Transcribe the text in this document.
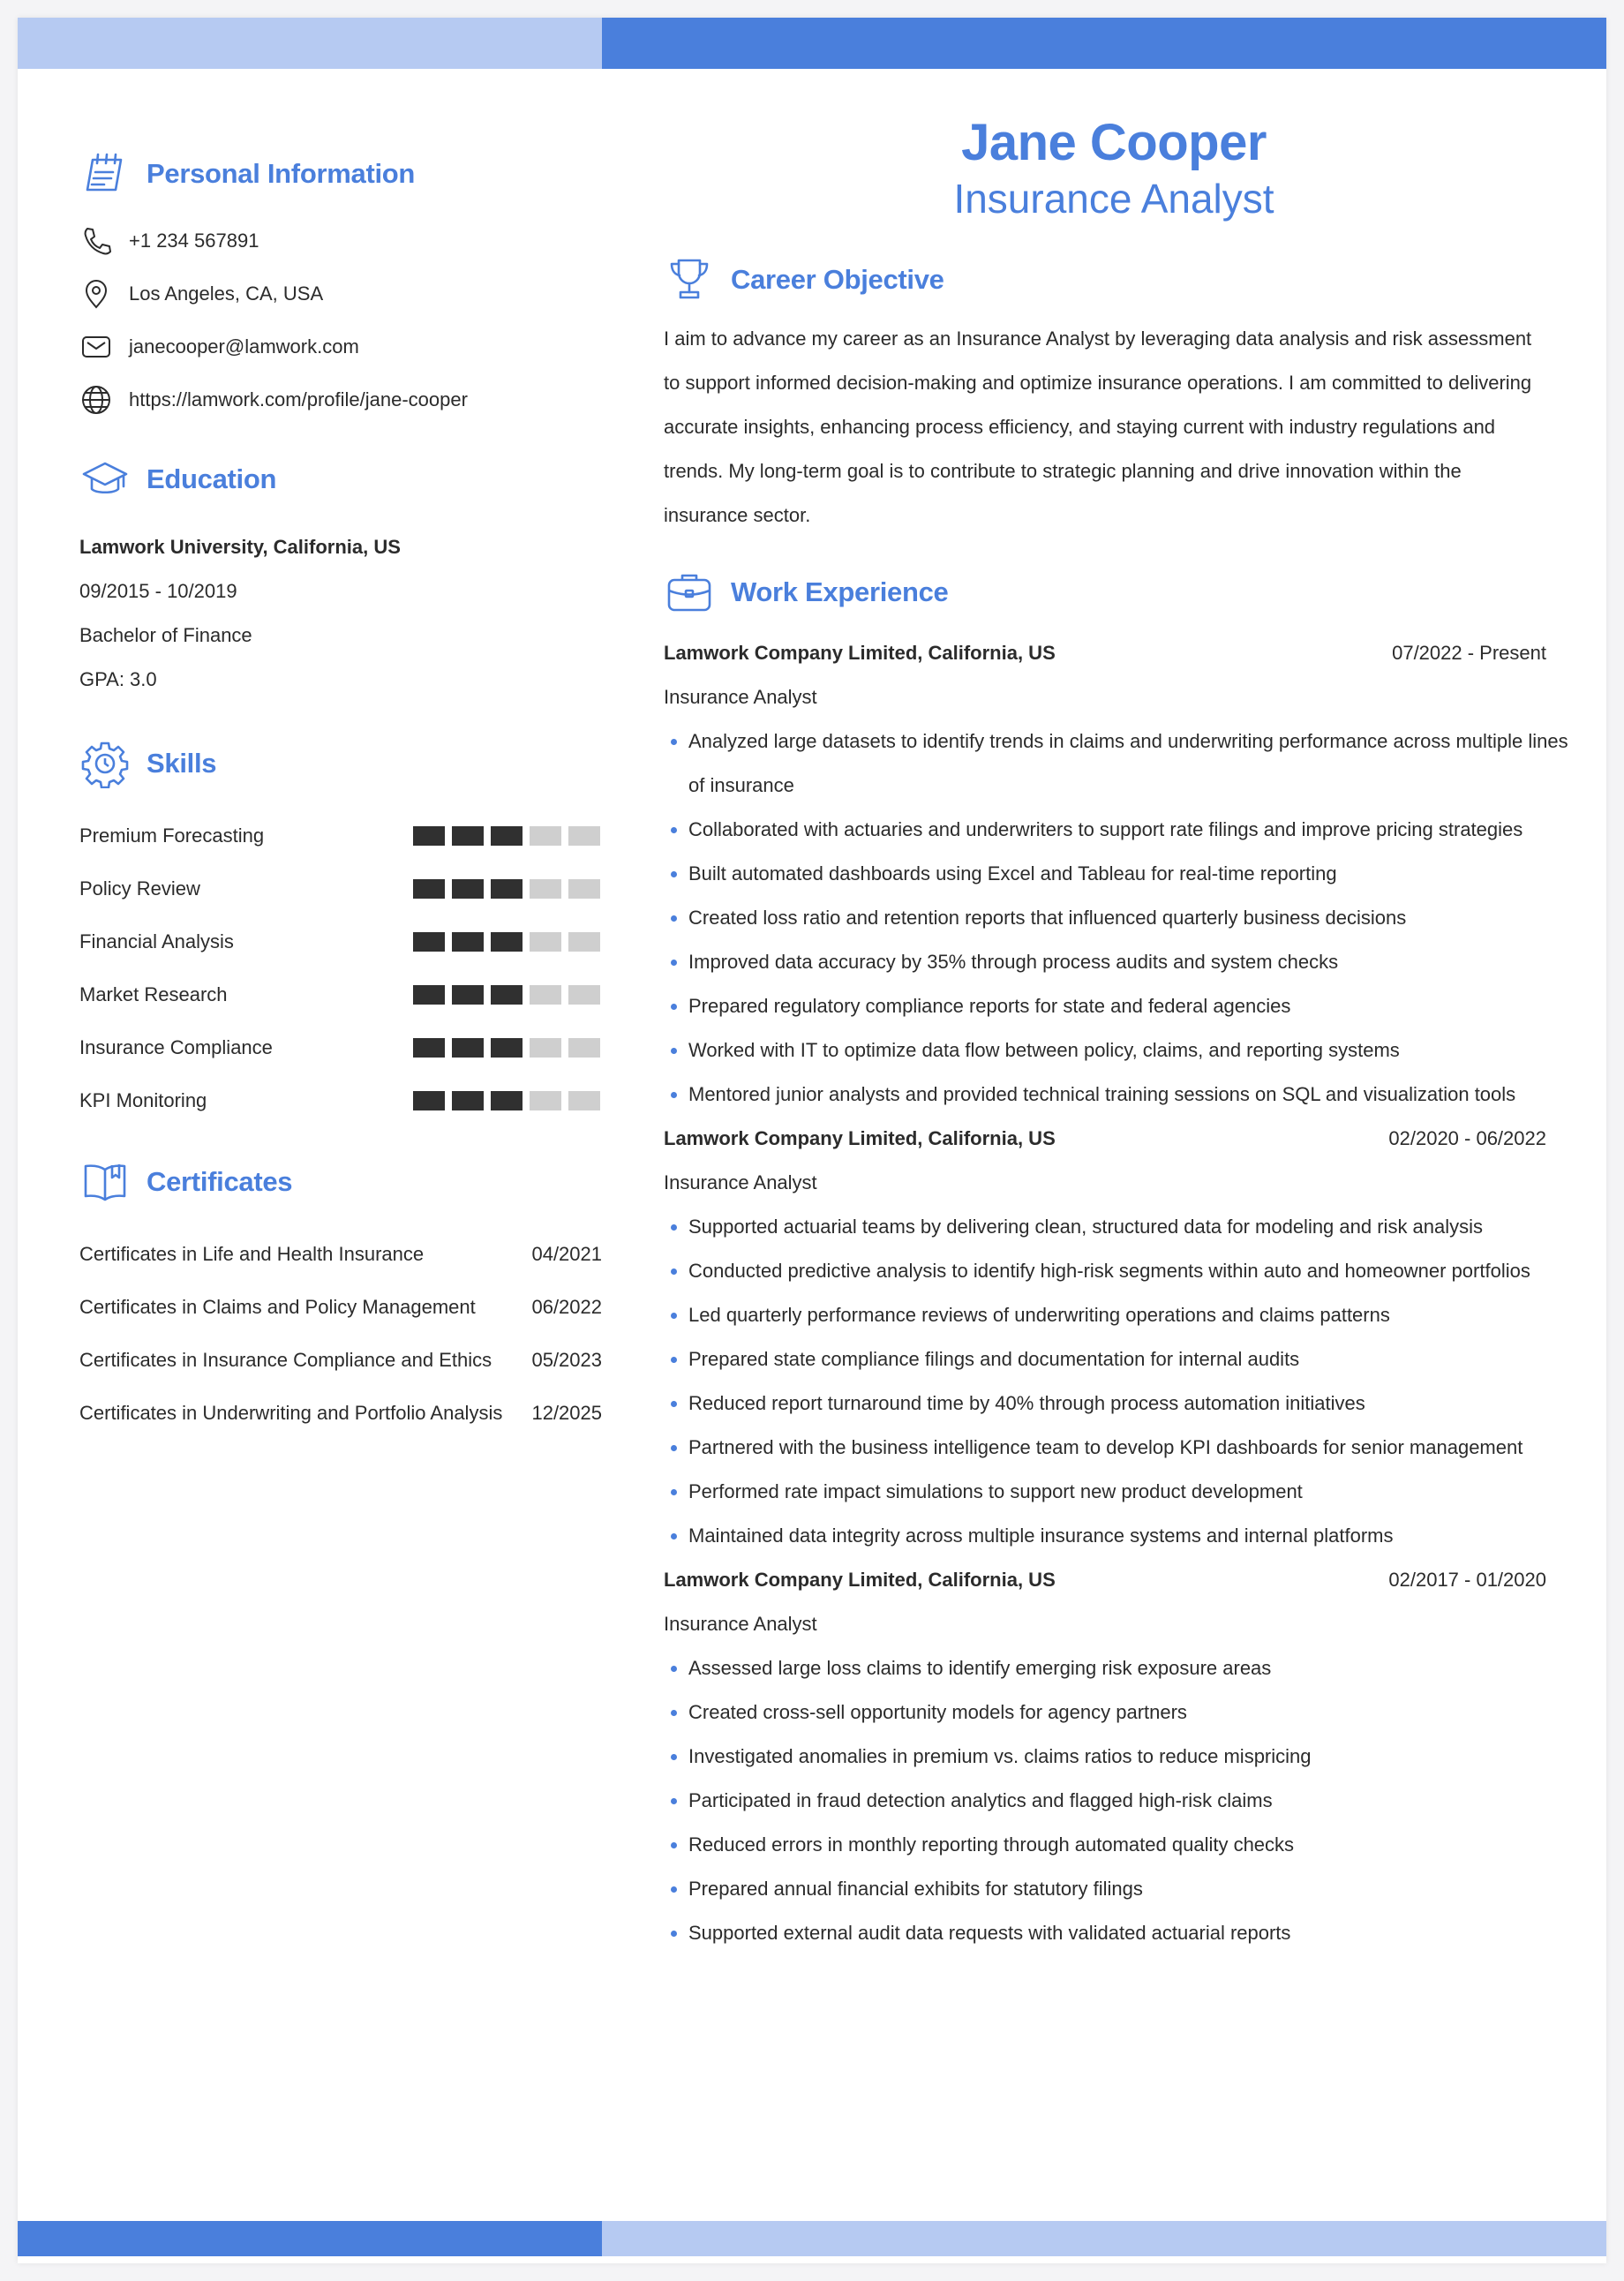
Personal Information
+1 234 567891
Los Angeles, CA, USA
janecooper@lamwork.com
https://lamwork.com/profile/jane-cooper
Education
Lamwork University, California, US
09/2015 - 10/2019
Bachelor of Finance
GPA: 3.0
Skills
Premium Forecasting
Policy Review
Financial Analysis
Market Research
Insurance Compliance
KPI Monitoring
Certificates
Certificates in Life and Health Insurance	04/2021
Certificates in Claims and Policy Management	06/2022
Certificates in Insurance Compliance and Ethics 05/2023
Certificates in Underwriting and Portfolio Analysis 12/2025
Jane Cooper
Insurance Analyst
Career Objective
I aim to advance my career as an Insurance Analyst by leveraging data analysis and risk assessment to support informed decision-making and optimize insurance operations. I am committed to delivering accurate insights, enhancing process efficiency, and staying current with industry regulations and trends. My long-term goal is to contribute to strategic planning and drive innovation within the insurance sector.
Work Experience
Lamwork Company Limited, California, US	07/2022 - Present
Insurance Analyst
Analyzed large datasets to identify trends in claims and underwriting performance across multiple lines of insurance
Collaborated with actuaries and underwriters to support rate filings and improve pricing strategies
Built automated dashboards using Excel and Tableau for real-time reporting
Created loss ratio and retention reports that influenced quarterly business decisions
Improved data accuracy by 35% through process audits and system checks
Prepared regulatory compliance reports for state and federal agencies
Worked with IT to optimize data flow between policy, claims, and reporting systems
Mentored junior analysts and provided technical training sessions on SQL and visualization tools
Lamwork Company Limited, California, US	02/2020 - 06/2022
Insurance Analyst
Supported actuarial teams by delivering clean, structured data for modeling and risk analysis
Conducted predictive analysis to identify high-risk segments within auto and homeowner portfolios
Led quarterly performance reviews of underwriting operations and claims patterns
Prepared state compliance filings and documentation for internal audits
Reduced report turnaround time by 40% through process automation initiatives
Partnered with the business intelligence team to develop KPI dashboards for senior management
Performed rate impact simulations to support new product development
Maintained data integrity across multiple insurance systems and internal platforms
Lamwork Company Limited, California, US	02/2017 - 01/2020
Insurance Analyst
Assessed large loss claims to identify emerging risk exposure areas
Created cross-sell opportunity models for agency partners
Investigated anomalies in premium vs. claims ratios to reduce mispricing
Participated in fraud detection analytics and flagged high-risk claims
Reduced errors in monthly reporting through automated quality checks
Prepared annual financial exhibits for statutory filings
Supported external audit data requests with validated actuarial reports
